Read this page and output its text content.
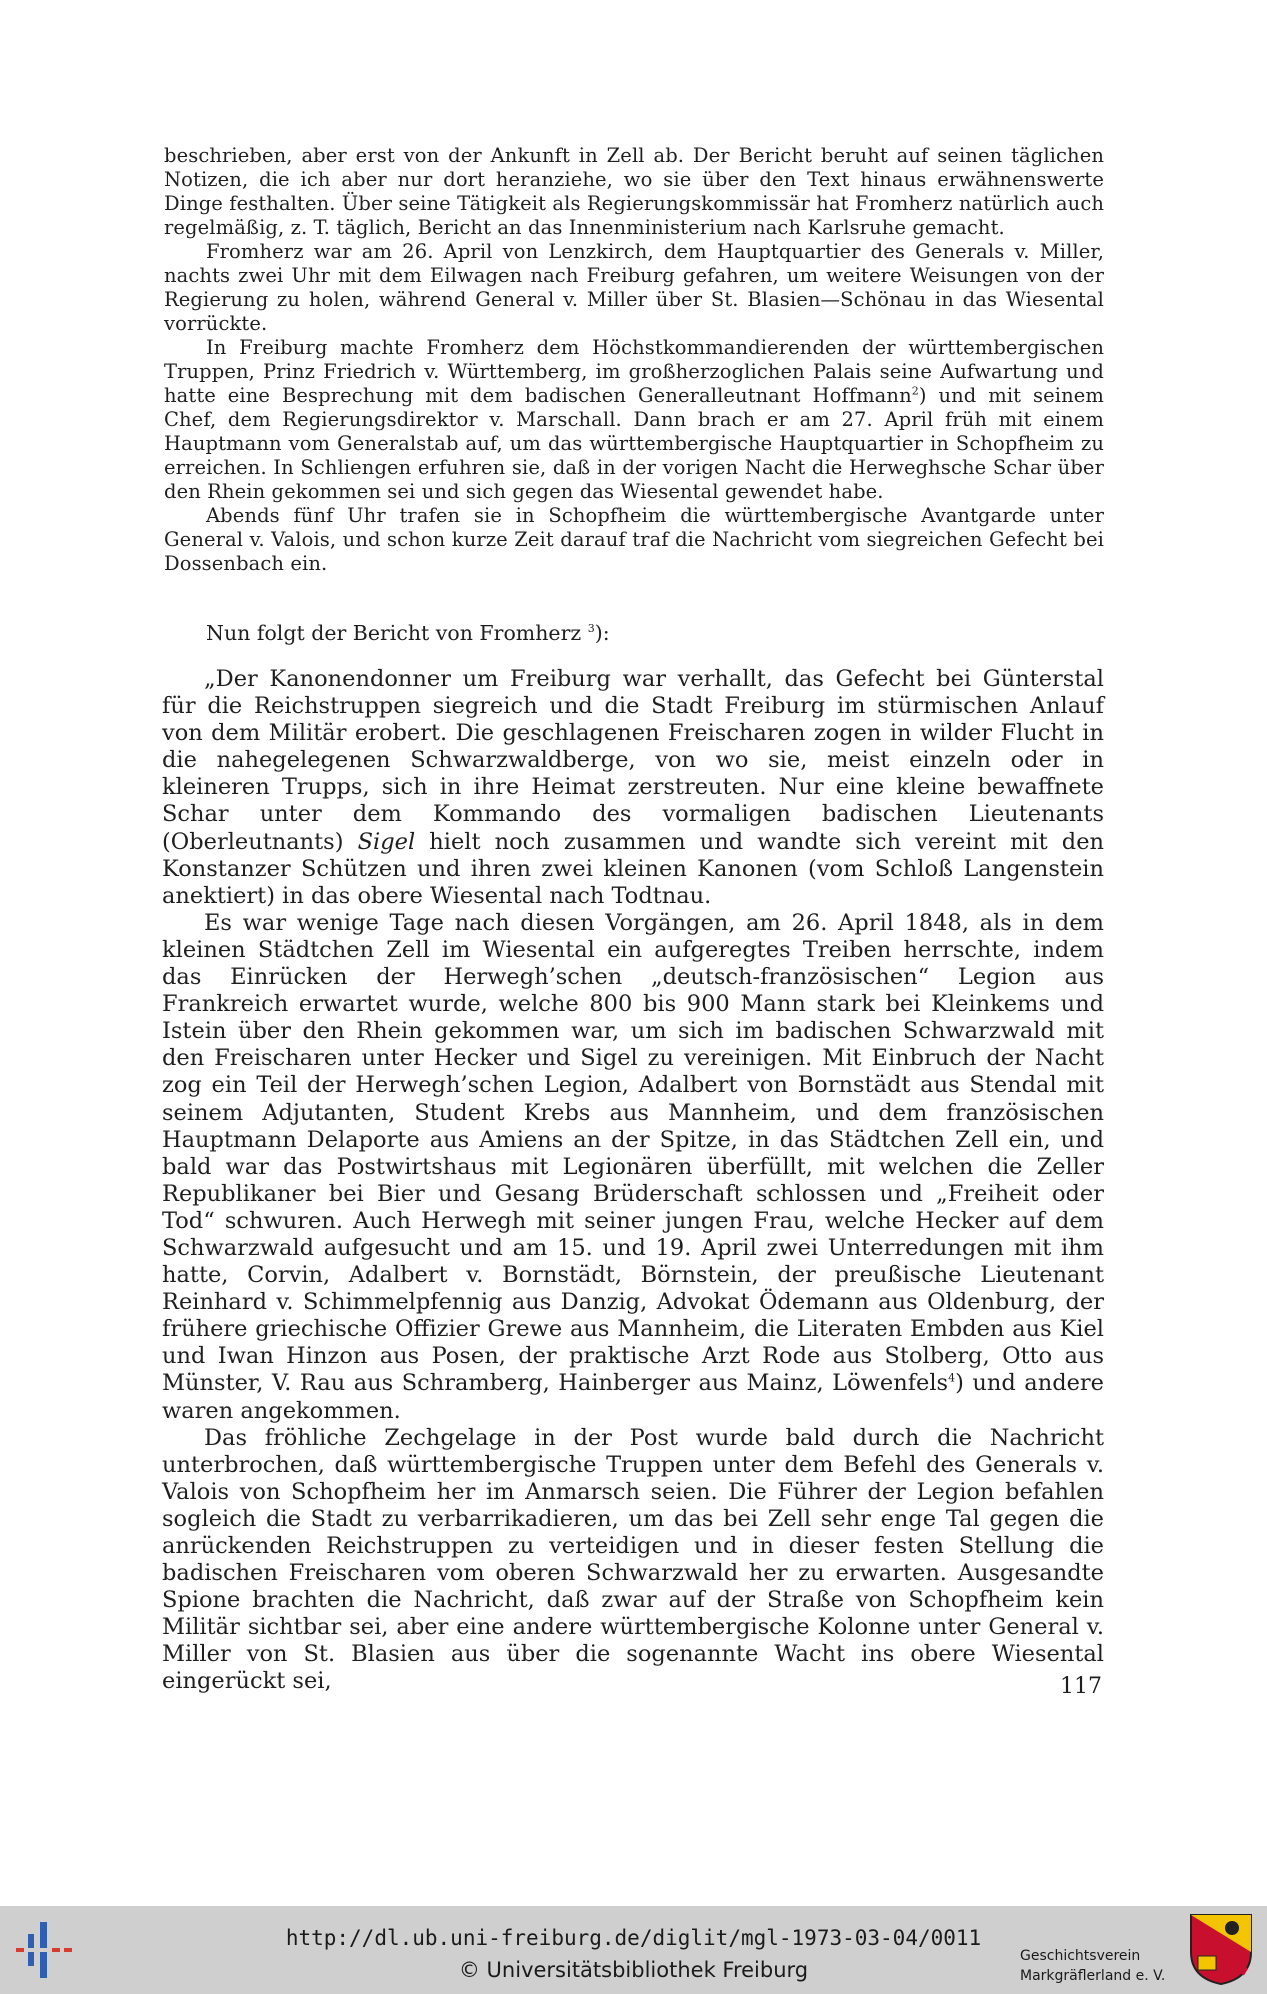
beschrieben, aber erst von der Ankunft in Zell ab. Der Bericht beruht auf seinen täglichen Notizen, die ich aber nur dort heranziehe, wo sie über den Text hinaus erwähnenswerte Dinge festhalten. Über seine Tätigkeit als Regierungskommissär hat Fromherz natürlich auch regelmäßig, z. T. täglich, Bericht an das Innenministerium nach Karlsruhe gemacht.

Fromherz war am 26. April von Lenzkirch, dem Hauptquartier des Generals v. Miller, nachts zwei Uhr mit dem Eilwagen nach Freiburg gefahren, um weitere Weisungen von der Regierung zu holen, während General v. Miller über St. Blasien—Schönau in das Wiesental vorrückte.

In Freiburg machte Fromherz dem Höchstkommandierenden der württembergischen Truppen, Prinz Friedrich v. Württemberg, im großherzoglichen Palais seine Aufwartung und hatte eine Besprechung mit dem badischen Generalleutnant Hoffmann$^2$) und mit seinem Chef, dem Regierungsdirektor v. Marschall. Dann brach er am 27. April früh mit einem Hauptmann vom Generalstab auf, um das württembergische Hauptquartier in Schopfheim zu erreichen. In Schliengen erfuhren sie, daß in der vorigen Nacht die Herweghsche Schar über den Rhein gekommen sei und sich gegen das Wiesental gewendet habe.

Abends fünf Uhr trafen sie in Schopfheim die württembergische Avantgarde unter General v. Valois, und schon kurze Zeit darauf traf die Nachricht vom siegreichen Gefecht bei Dossenbach ein.

Nun folgt der Bericht von Fromherz $^3$):

„Der Kanonendonner um Freiburg war verhallt, das Gefecht bei Günterstal für die Reichstruppen siegreich und die Stadt Freiburg im stürmischen Anlauf von dem Militär erobert. Die geschlagenen Freischaren zogen in wilder Flucht in die nahegelegenen Schwarzwaldberge, von wo sie, meist einzeln oder in kleineren Trupps, sich in ihre Heimat zerstreuten. Nur eine kleine bewaffnete Schar unter dem Kommando des vormaligen badischen Lieutenants (Oberleutnants) Sigel hielt noch zusammen und wandte sich vereint mit den Konstanzer Schützen und ihren zwei kleinen Kanonen (vom Schloß Langenstein anektiert) in das obere Wiesental nach Todtnau.

Es war wenige Tage nach diesen Vorgängen, am 26. April 1848, als in dem kleinen Städtchen Zell im Wiesental ein aufgeregtes Treiben herrschte, indem das Einrücken der Herwegh’schen „deutsch-französischen“ Legion aus Frankreich erwartet wurde, welche 800 bis 900 Mann stark bei Kleinkems und Istein über den Rhein gekommen war, um sich im badischen Schwarzwald mit den Freischaren unter Hecker und Sigel zu vereinigen. Mit Einbruch der Nacht zog ein Teil der Herwegh’schen Legion, Adalbert von Bornstädt aus Stendal mit seinem Adjutanten, Student Krebs aus Mannheim, und dem französischen Hauptmann Delaporte aus Amiens an der Spitze, in das Städtchen Zell ein, und bald war das Postwirtshaus mit Legionären überfüllt, mit welchen die Zeller Republikaner bei Bier und Gesang Brüderschaft schlossen und „Freiheit oder Tod“ schwuren. Auch Herwegh mit seiner jungen Frau, welche Hecker auf dem Schwarzwald aufgesucht und am 15. und 19. April zwei Unterredungen mit ihm hatte, Corvin, Adalbert v. Bornstädt, Börnstein, der preußische Lieutenant Reinhard v. Schimmelpfennig aus Danzig, Advokat Ödemann aus Oldenburg, der frühere griechische Offizier Grewe aus Mannheim, die Literaten Embden aus Kiel und Iwan Hinzon aus Posen, der praktische Arzt Rode aus Stolberg, Otto aus Münster, V. Rau aus Schramberg, Hainberger aus Mainz, Löwenfels$^4$) und andere waren angekommen.

Das fröhliche Zechgelage in der Post wurde bald durch die Nachricht unterbrochen, daß württembergische Truppen unter dem Befehl des Generals v. Valois von Schopfheim her im Anmarsch seien. Die Führer der Legion befahlen sogleich die Stadt zu verbarrikadieren, um das bei Zell sehr enge Tal gegen die anrückenden Reichstruppen zu verteidigen und in dieser festen Stellung die badischen Freischaren vom oberen Schwarzwald her zu erwarten. Ausgesandte Spione brachten die Nachricht, daß zwar auf der Straße von Schopfheim kein Militär sichtbar sei, aber eine andere württembergische Kolonne unter General v. Miller von St. Blasien aus über die sogenannte Wacht ins obere Wiesental eingerückt sei,	117

http://dl.ub.uni-freiburg.de/diglit/mgl-1973-03-04/0011
© Universitätsbibliothek Freiburg
Geschichtsverein
Markgräflerland e. V.
